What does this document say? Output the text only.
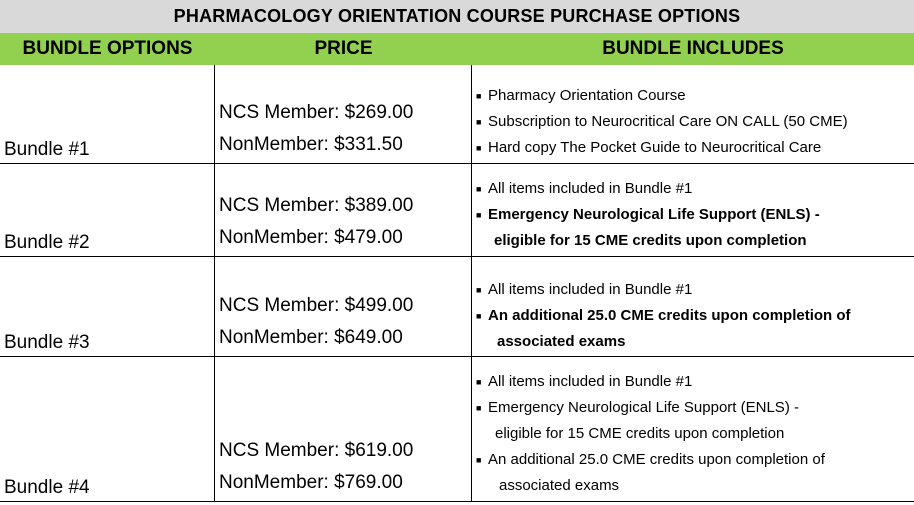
PHARMACOLOGY ORIENTATION COURSE PURCHASE OPTIONS
BUNDLE OPTIONS	PRICE	BUNDLE INCLUDES
Bundle #1
NCS Member: $269.00
NonMember: $331.50
■ Pharmacy Orientation Course
■ Subscription to Neurocritical Care ON CALL (50 CME)
■ Hard copy The Pocket Guide to Neurocritical Care
Bundle #2
NCS Member: $389.00
NonMember: $479.00
■ All items included in Bundle #1
■ Emergency Neurological Life Support (ENLS) -
eligible for 15 CME credits upon completion
Bundle #3
NCS Member: $499.00
NonMember: $649.00
■ All items included in Bundle #1
■ An additional 25.0 CME credits upon completion of
associated exams
Bundle #4
NCS Member: $619.00
NonMember: $769.00
■ All items included in Bundle #1
■ Emergency Neurological Life Support (ENLS) -
eligible for 15 CME credits upon completion
■ An additional 25.0 CME credits upon completion of
associated exams
